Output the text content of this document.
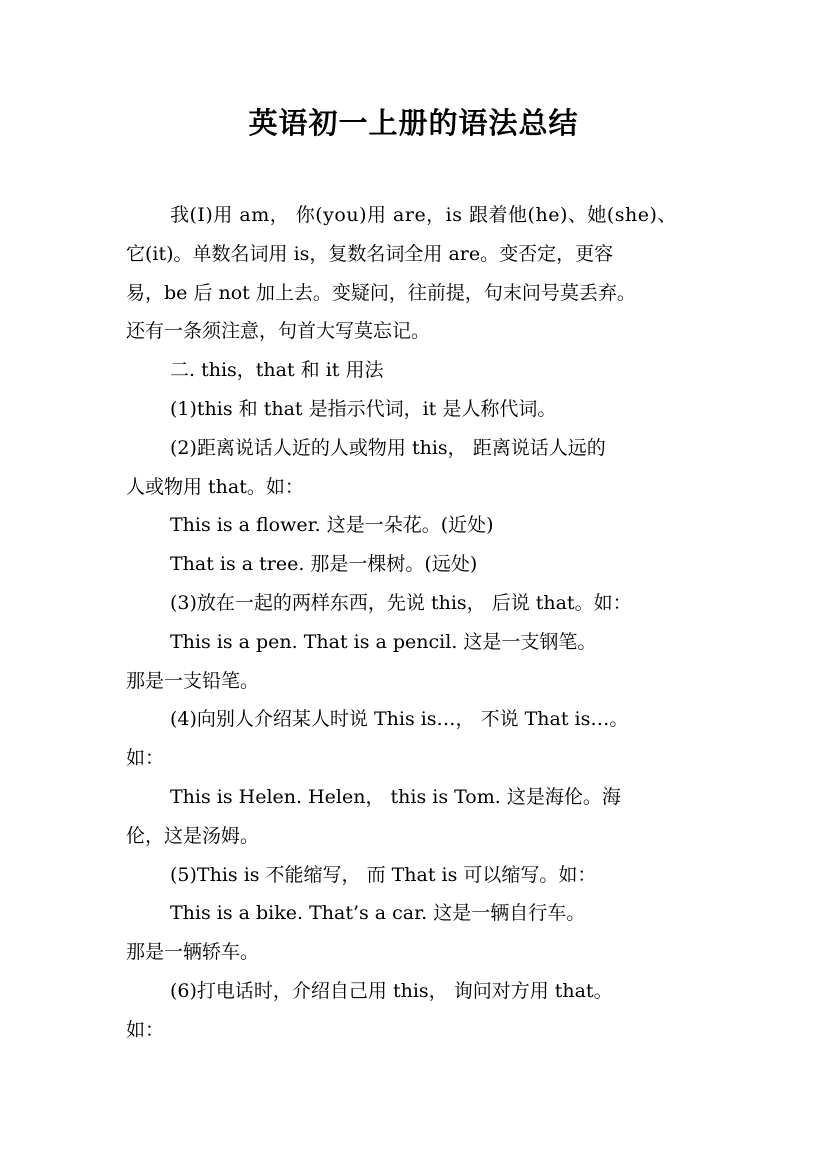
英语初一上册的语法总结
我(I)用 am， 你(you)用 are，is 跟着他(he)、她(she)、
它(it)。单数名词用 is，复数名词全用 are。变否定，更容
易，be 后 not 加上去。变疑问，往前提，句末问号莫丢弃。
还有一条须注意，句首大写莫忘记。
二. this，that 和 it 用法
(1)this 和 that 是指示代词，it 是人称代词。
(2)距离说话人近的人或物用 this， 距离说话人远的
人或物用 that。如：
This is a flower. 这是一朵花。(近处)
That is a tree. 那是一棵树。(远处)
(3)放在一起的两样东西，先说 this， 后说 that。如：
This is a pen. That is a pencil. 这是一支钢笔。
那是一支铅笔。
(4)向别人介绍某人时说 This is…， 不说 That is…。
如：
This is Helen. Helen， this is Tom. 这是海伦。海
伦，这是汤姆。
(5)This is 不能缩写， 而 That is 可以缩写。如：
This is a bike. That’s a car. 这是一辆自行车。
那是一辆轿车。
(6)打电话时，介绍自己用 this， 询问对方用 that。
如：
